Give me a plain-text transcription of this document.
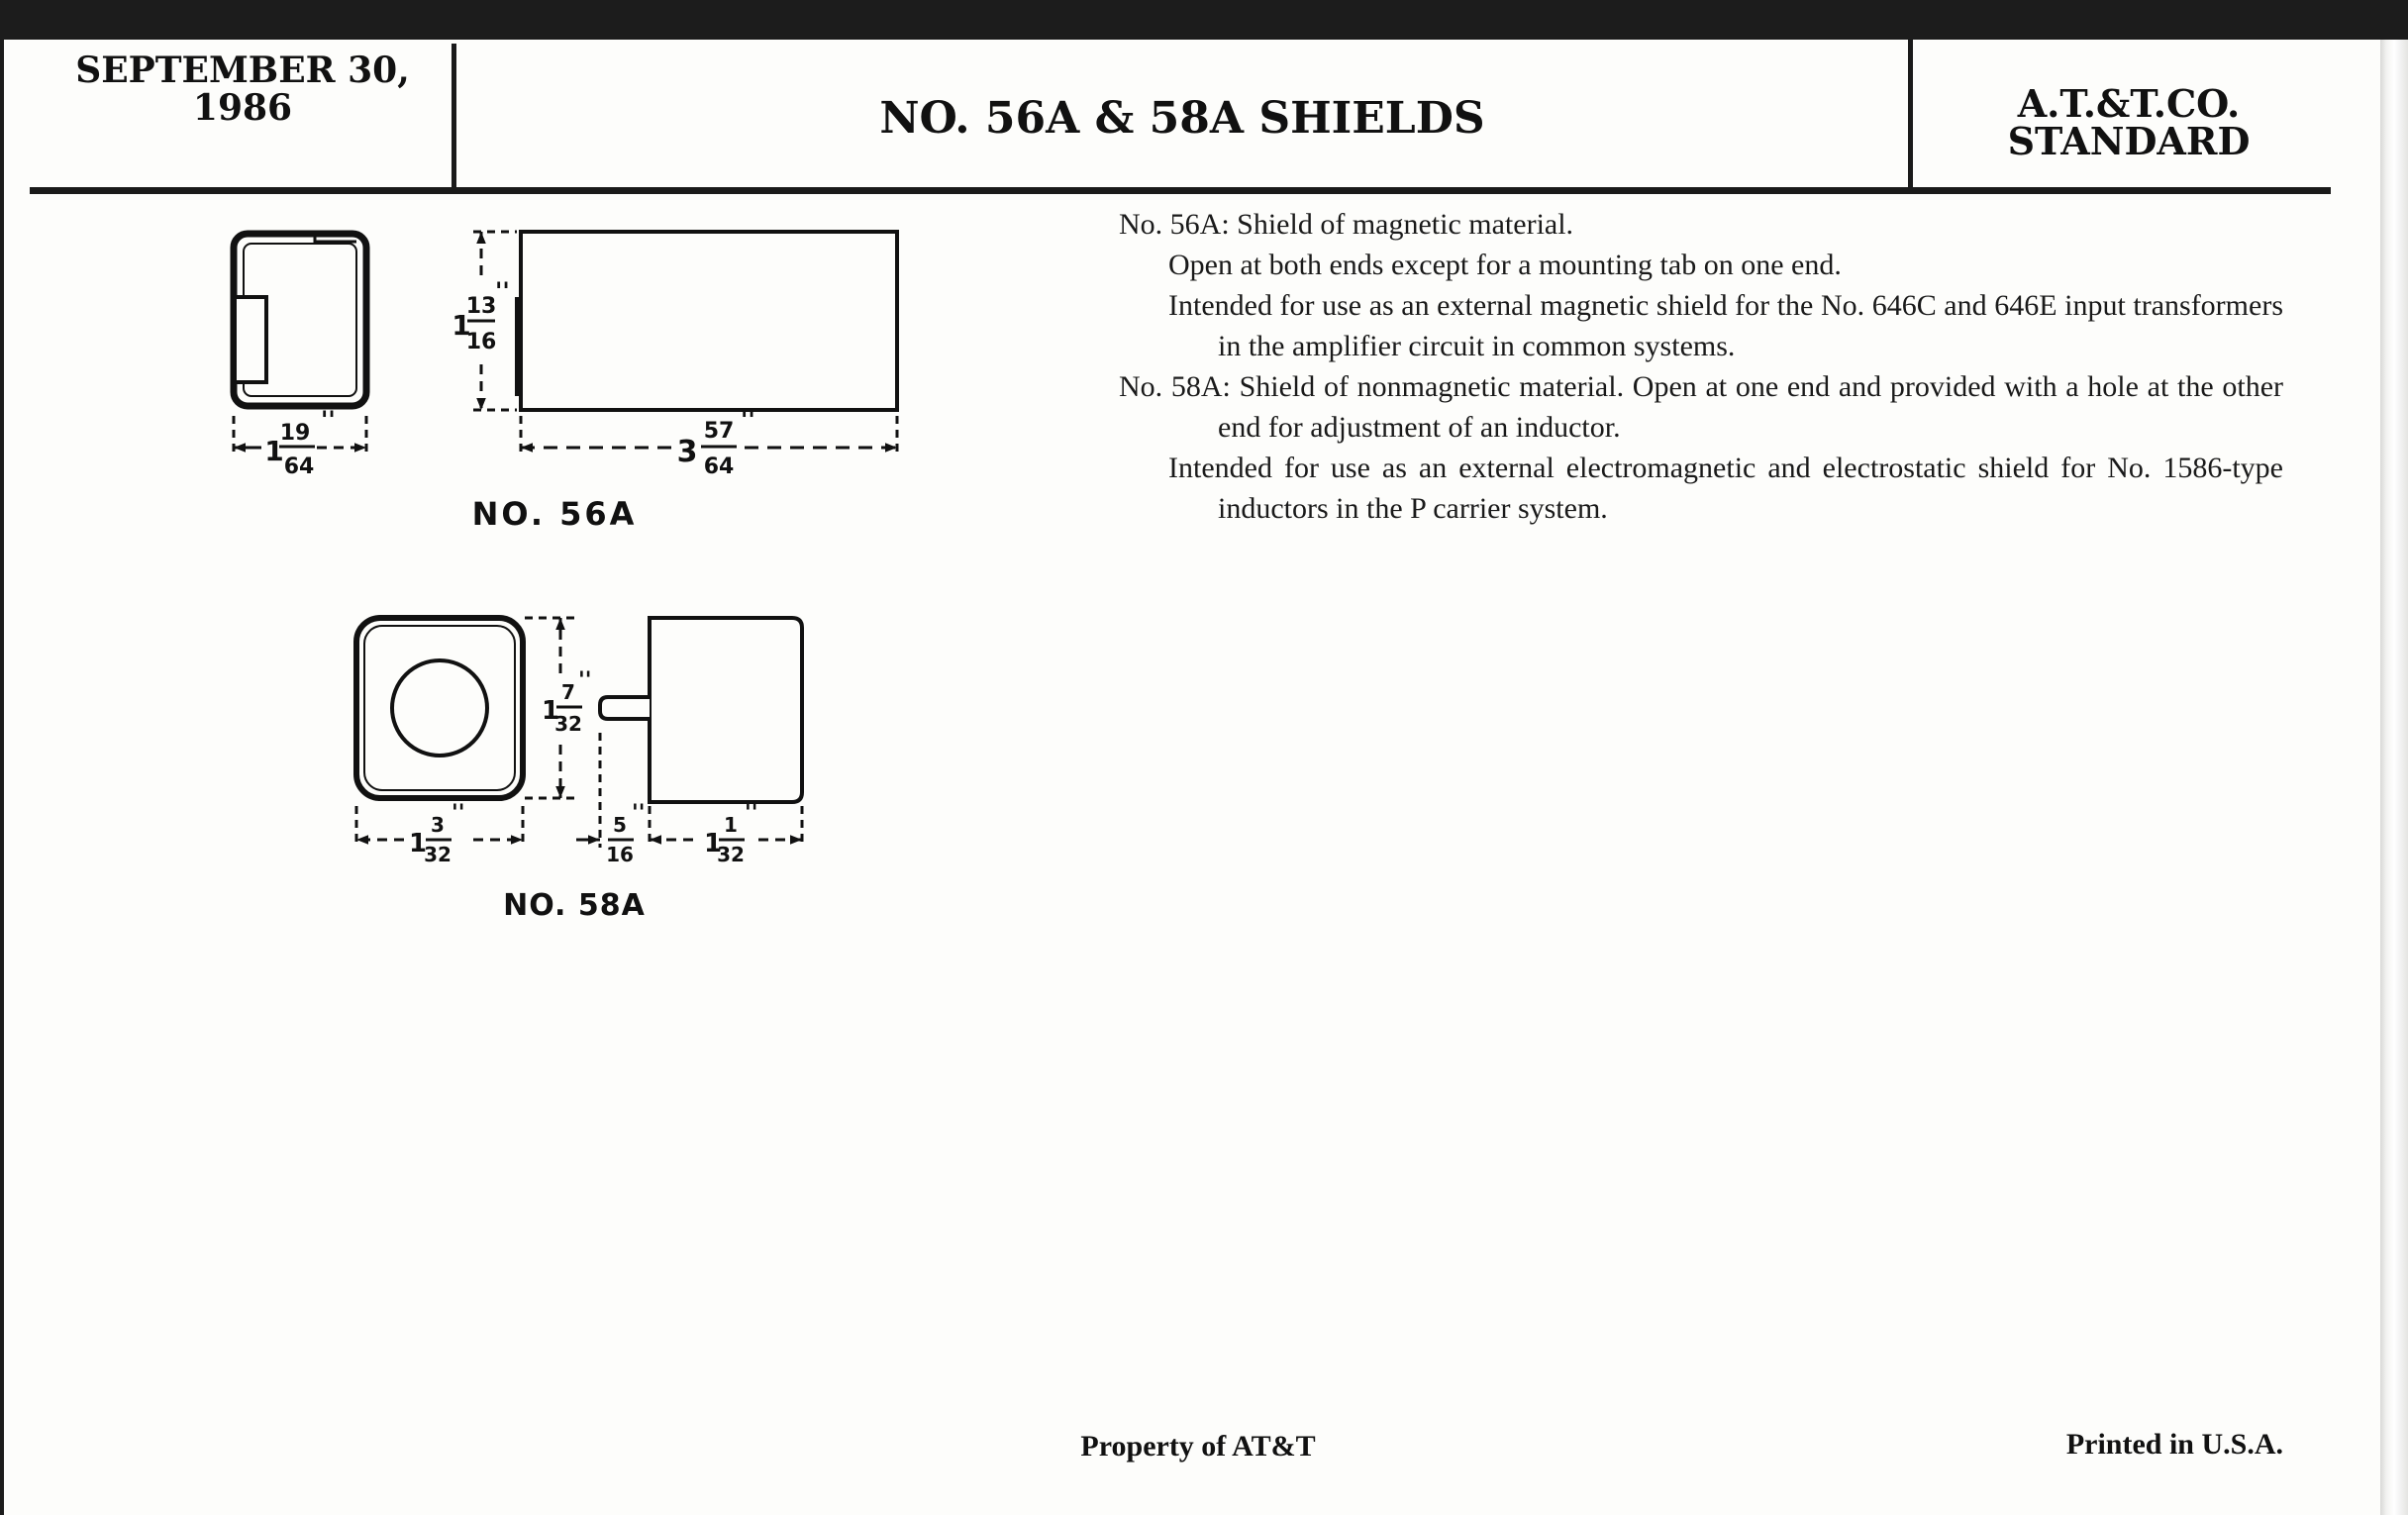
SEPTEMBER 30,
1986	NO. 56A & 58A SHIELDS	A.T.&T.CO.
STANDARD
1
19
64
''
1
13
16
''
3
57
64
''
NO. 56A
1
7
32
''
1
3
32
''	5
16
''
1
1
32
''
NO. 58A

No. 56A: Shield of magnetic material.

Open at both ends except for a mounting tab on one end.

Intended for use as an external magnetic shield for the No. 646C and 646E input transformers in the amplifier circuit in common systems.

No. 58A: Shield of nonmagnetic material. Open at one end and provided with a hole at the other end for adjustment of an inductor.

Intended for use as an external electromagnetic and electrostatic shield for No. 1586-type inductors in the P carrier system.

Property of AT&T	Printed in U.S.A.
